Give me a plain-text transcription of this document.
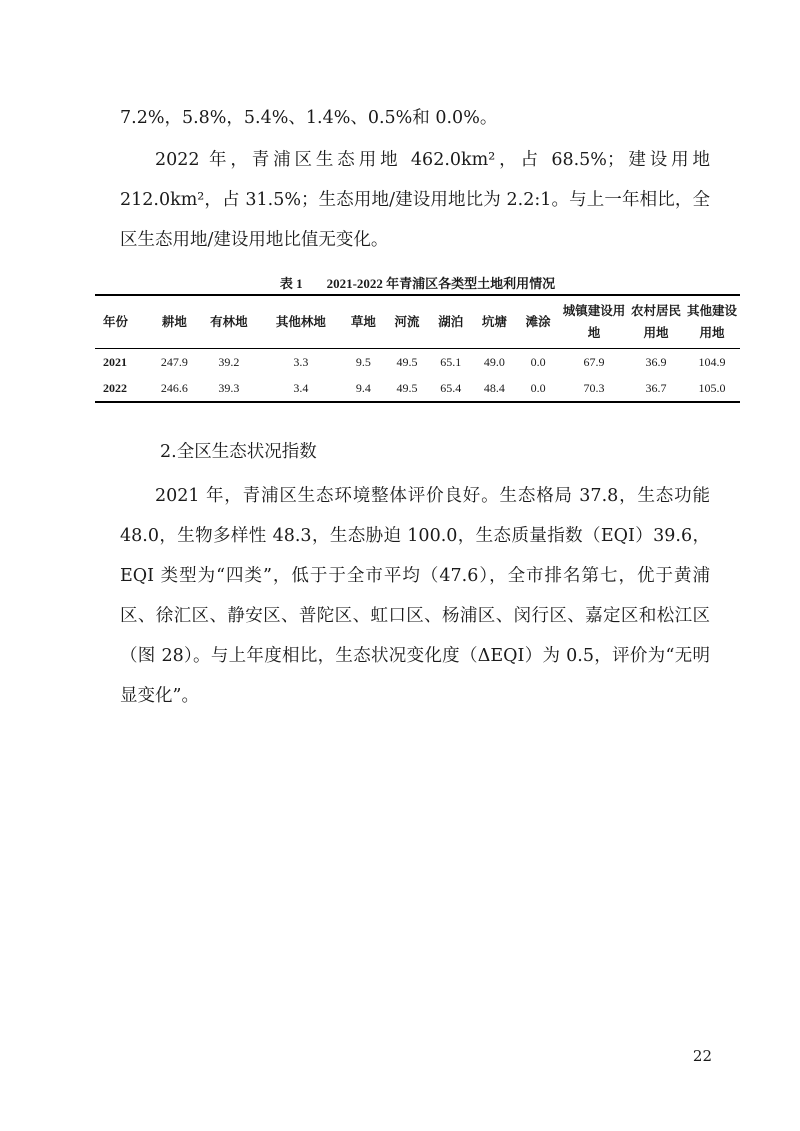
7.2%，5.8%，5.4%、1.4%、0.5%和 0.0%。

2022 年，青浦区生态用地 462.0km²，占 68.5%；建设用地 212.0km²，占 31.5%；生态用地/建设用地比为 2.2:1。与上一年相比，全区生态用地/建设用地比值无变化。

表 1 2021-2022 年青浦区各类型土地利用情况
年份	耕地	有林地	其他林地	草地	河流	湖泊	坑塘	滩涂	城镇建设用地	农村居民用地	其他建设用地
2021	247.9	39.2	3.3	9.5	49.5	65.1	49.0	0.0	67.9	36.9	104.9
2022	246.6	39.3	3.4	9.4	49.5	65.4	48.4	0.0	70.3	36.7	105.0
2.全区生态状况指数

2021 年，青浦区生态环境整体评价良好。生态格局 37.8，生态功能 48.0，生物多样性 48.3，生态胁迫 100.0，生态质量指数（EQI）39.6，EQI 类型为“四类”，低于于全市平均（47.6），全市排名第七，优于黄浦区、徐汇区、静安区、普陀区、虹口区、杨浦区、闵行区、嘉定区和松江区（图 28）。与上年度相比，生态状况变化度（ΔEQI）为 0.5，评价为“无明显变化”。

22
